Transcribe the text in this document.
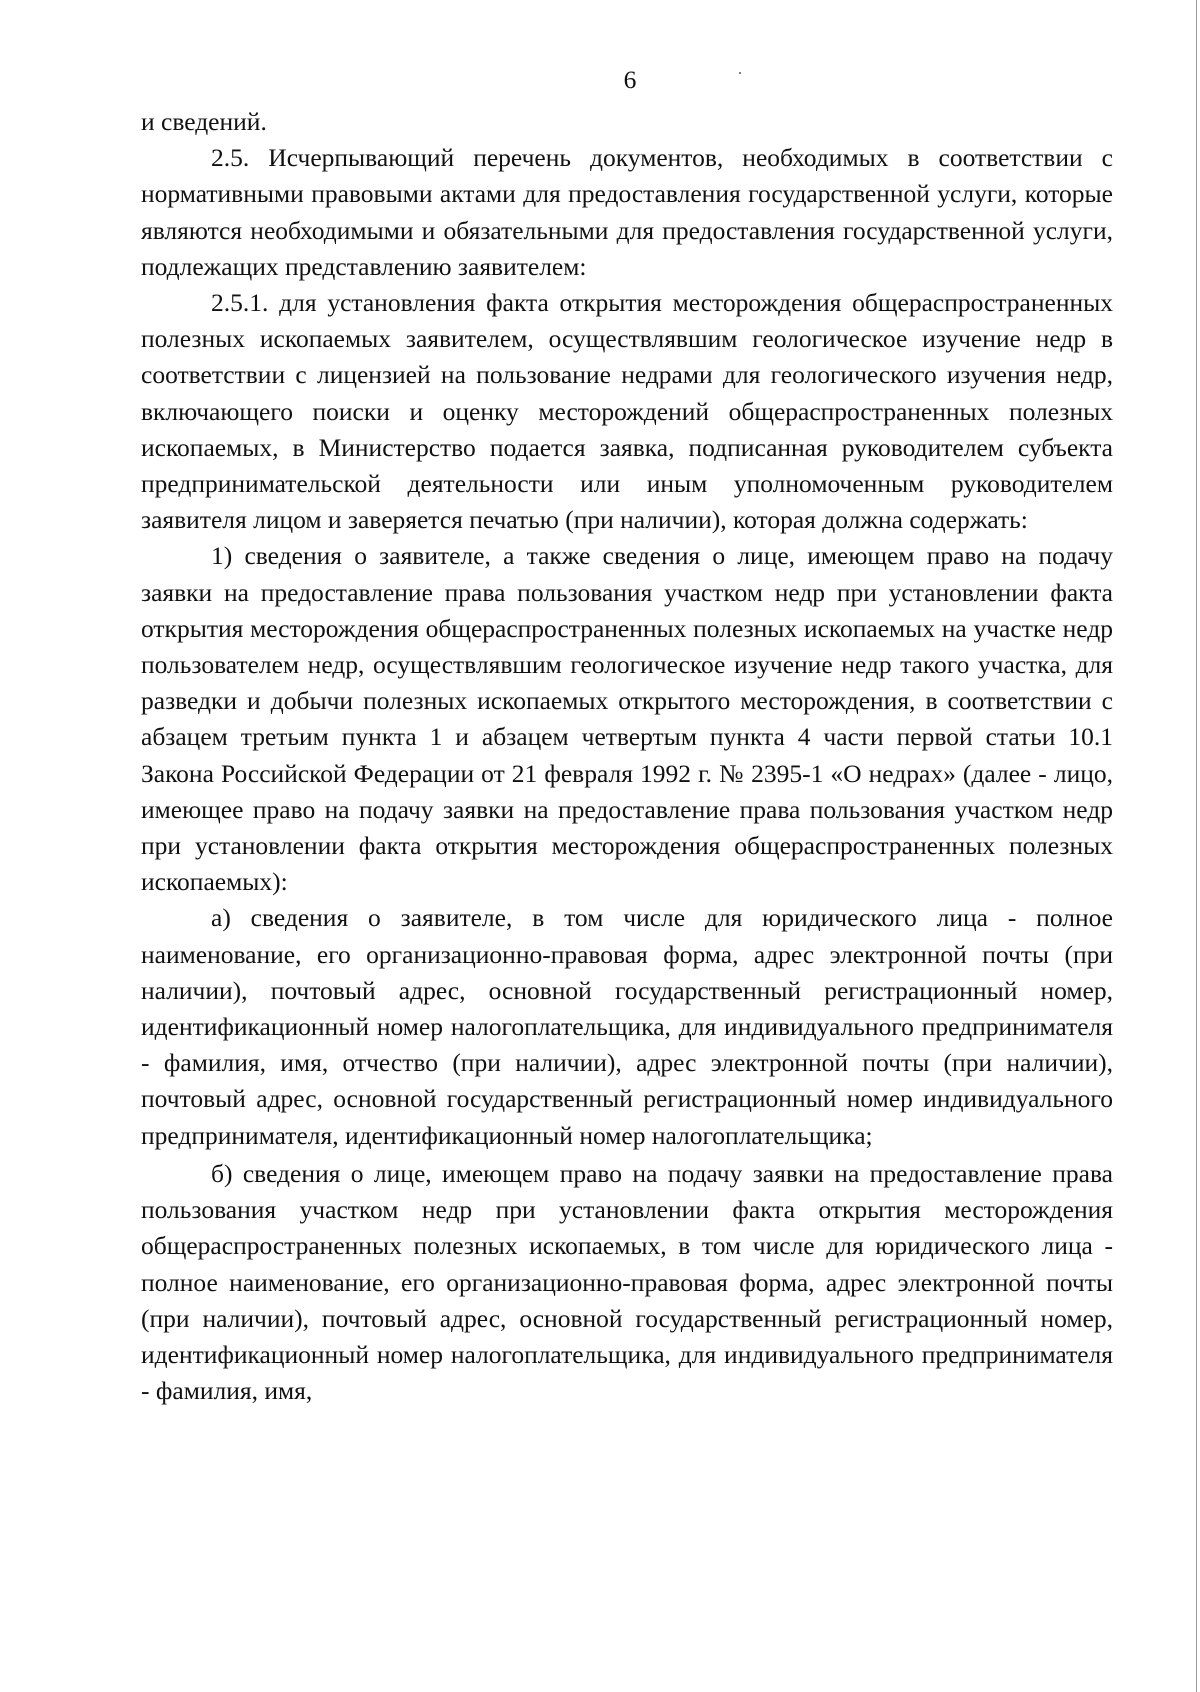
6

и сведений.

2.5. Исчерпывающий перечень документов, необходимых в соответствии с нормативными правовыми актами для предоставления государственной услуги, которые являются необходимыми и обязательными для предоставления государственной услуги, подлежащих представлению заявителем:

2.5.1. для установления факта открытия месторождения общераспространенных полезных ископаемых заявителем, осуществлявшим геологическое изучение недр в соответствии с лицензией на пользование недрами для геологического изучения недр, включающего поиски и оценку месторождений общераспространенных полезных ископаемых, в Министерство подается заявка, подписанная руководителем субъекта предпринимательской деятельности или иным уполномоченным руководителем заявителя лицом и заверяется печатью (при наличии), которая должна содержать:

1) сведения о заявителе, а также сведения о лице, имеющем право на подачу заявки на предоставление права пользования участком недр при установлении факта открытия месторождения общераспространенных полезных ископаемых на участке недр пользователем недр, осуществлявшим геологическое изучение недр такого участка, для разведки и добычи полезных ископаемых открытого месторождения, в соответствии с абзацем третьим пункта 1 и абзацем четвертым пункта 4 части первой статьи 10.1 Закона Российской Федерации от 21 февраля 1992 г. № 2395-1 «О недрах» (далее - лицо, имеющее право на подачу заявки на предоставление права пользования участком недр при установлении факта открытия месторождения общераспространенных полезных ископаемых):

а) сведения о заявителе, в том числе для юридического лица - полное наименование, его организационно-правовая форма, адрес электронной почты (при наличии), почтовый адрес, основной государственный регистрационный номер, идентификационный номер налогоплательщика, для индивидуального предпринимателя - фамилия, имя, отчество (при наличии), адрес электронной почты (при наличии), почтовый адрес, основной государственный регистрационный номер индивидуального предпринимателя, идентификационный номер налогоплательщика;

б) сведения о лице, имеющем право на подачу заявки на предоставление права пользования участком недр при установлении факта открытия месторождения общераспространенных полезных ископаемых, в том числе для юридического лица - полное наименование, его организационно-правовая форма, адрес электронной почты (при наличии), почтовый адрес, основной государственный регистрационный номер, идентификационный номер налогоплательщика, для индивидуального предпринимателя - фамилия, имя,
